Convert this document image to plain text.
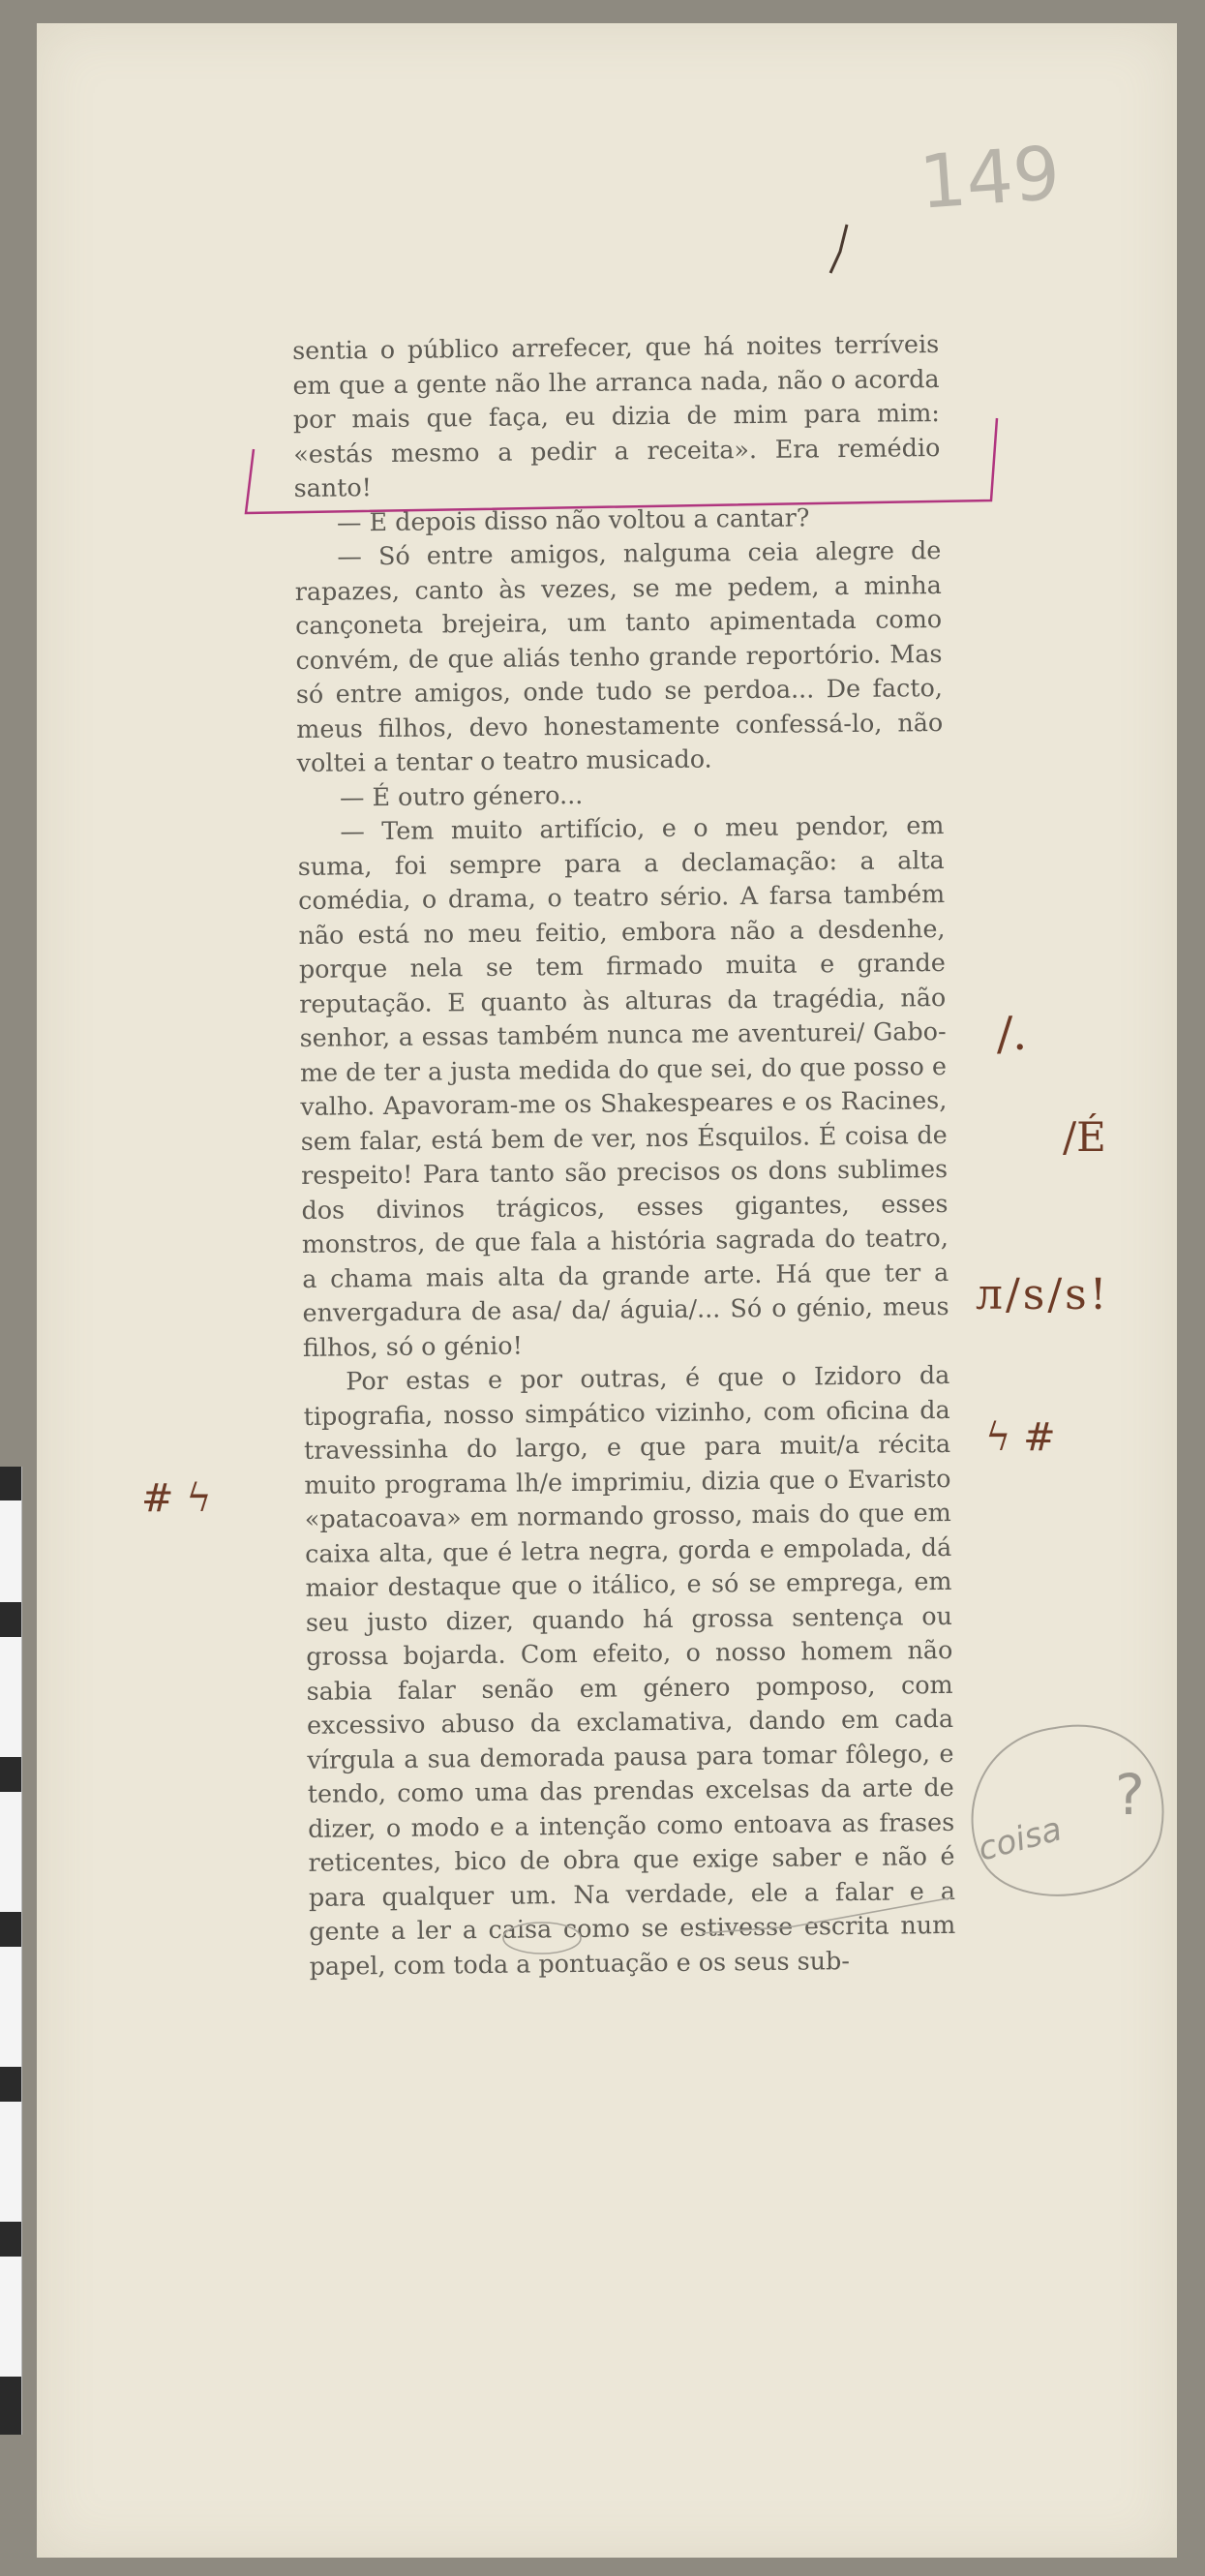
149

sentia o público arrefecer, que há noites terríveis em que a gente não lhe arranca nada, não o acorda por mais que faça, eu dizia de mim para mim: «estás mesmo a pedir a receita». Era remédio santo!

— E depois disso não voltou a cantar?

— Só entre amigos, nalguma ceia alegre de rapazes, canto às vezes, se me pedem, a minha cançoneta brejeira, um tanto apimentada como convém, de que aliás tenho grande reportório. Mas só entre amigos, onde tudo se perdoa... De facto, meus filhos, devo honestamente confessá-lo, não voltei a tentar o teatro musicado.

— É outro género...

— Tem muito artifício, e o meu pendor, em suma, foi sempre para a declamação: a alta comédia, o drama, o teatro sério. A farsa também não está no meu feitio, embora não a desdenhe, porque nela se tem firmado muita e grande reputação. E quanto às alturas da tragédia, não senhor, a essas também nunca me aventurei/ Gabo-me de ter a justa medida do que sei, do que posso e valho. Apavoram-me os Shakespeares e os Racines, sem falar, está bem de ver, nos Ésquilos. É coisa de respeito! Para tanto são precisos os dons sublimes dos divinos trágicos, esses gigantes, esses monstros, de que fala a história sagrada do teatro, a chama mais alta da grande arte. Há que ter a envergadura de asa/ da/ águia/... Só o génio, meus filhos, só o génio!

Por estas e por outras, é que o Izidoro da tipografia, nosso simpático vizinho, com oficina da travessinha do largo, e que para muit/a récita muito programa lh/e imprimiu, dizia que o Evaristo «patacoava» em normando grosso, mais do que em caixa alta, que é letra negra, gorda e empolada, dá maior destaque que o itálico, e só se emprega, em seu justo dizer, quando há grossa sentença ou grossa bojarda. Com efeito, o nosso homem não sabia falar senão em género pomposo, com excessivo abuso da exclamativa, dando em cada vírgula a sua demorada pausa para tomar fôlego, e tendo, como uma das prendas excelsas da arte de dizer, o modo e a intenção como entoava as frases reticentes, bico de obra que exige saber e não é para qualquer um. Na verdade, ele a falar e a gente a ler a caisa como se estivesse escrita num papel, com toda a pontuação e os seus sub-

/.
/É
л/s/s!
ϟ #
# ϟ
coisa
?
